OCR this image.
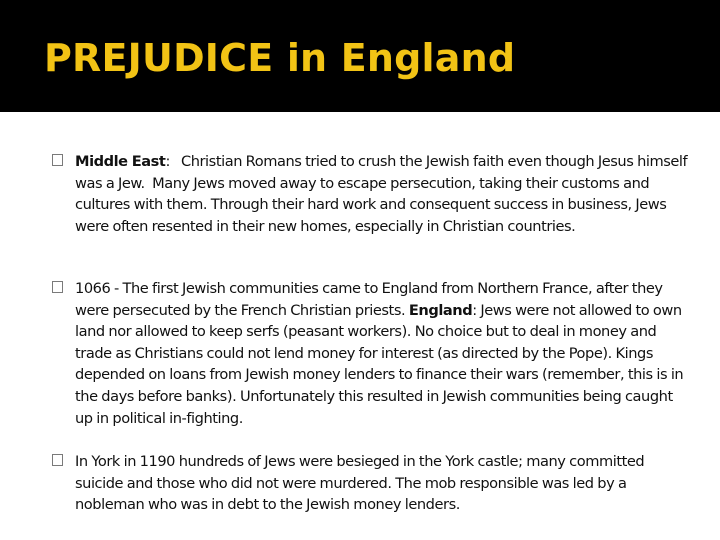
PREJUDICE in England
Middle East:   Christian Romans tried to crush the Jewish faith even though Jesus himself was a Jew.  Many Jews moved away to escape persecution, taking their customs and cultures with them. Through their hard work and consequent success in business, Jews were often resented in their new homes, especially in Christian countries.
1066 - The first Jewish communities came to England from Northern France, after they were persecuted by the French Christian priests. England: Jews were not allowed to own land nor allowed to keep serfs (peasant workers). No choice but to deal in money and trade as Christians could not lend money for interest (as directed by the Pope). Kings depended on loans from Jewish money lenders to finance their wars (remember, this is in the days before banks). Unfortunately this resulted in Jewish communities being caught up in political in-fighting.
In York in 1190 hundreds of Jews were besieged in the York castle; many committed suicide and those who did not were murdered. The mob responsible was led by a nobleman who was in debt to the Jewish money lenders.
